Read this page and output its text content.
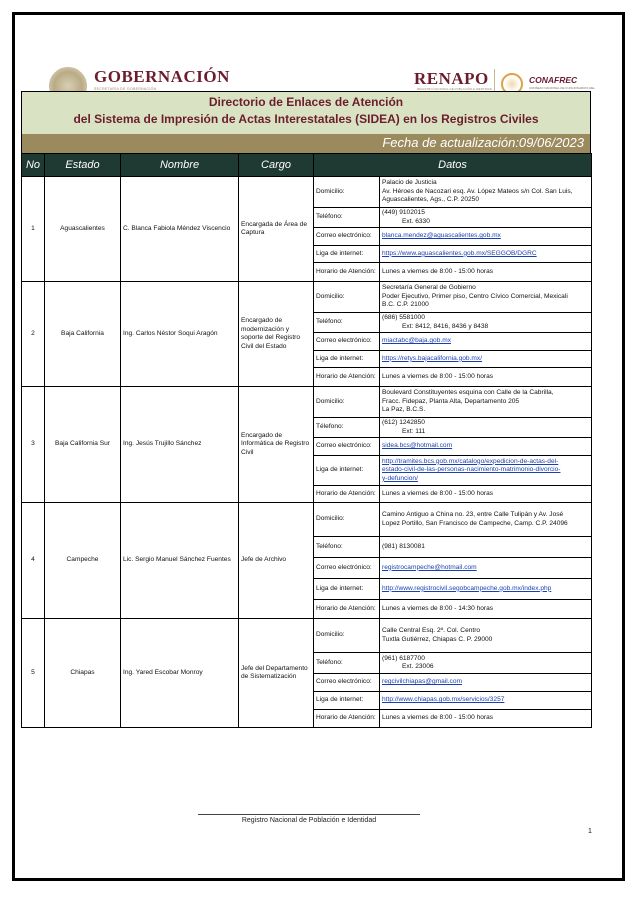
GOBERNACIÓN
SECRETARÍA DE GOBERNACIÓN
RENAPO
REGISTRO NACIONAL DE POBLACIÓN E IDENTIDAD
CONAFREC
CONSEJO NACIONAL DE FUNCIONARIOS DEL
Directorio de Enlaces de Atención
del Sistema de Impresión de Actas Interestatales (SIDEA) en los Registros Civiles
Fecha de actualización:09/06/2023
No	Estado	Nombre	Cargo	Datos	
1	Aguascalientes	C. Blanca Fabiola Méndez Viscencio	Encargada de Área de Captura	Domicilio:	Palacio de Justicia
Av. Héroes de Nacozari esq. Av. López Mateos s/n Col. San Luis,
Aguascalientes, Ags., C.P. 20250
				Teléfono:	(449) 9102015

Ext. 6330

				Correo electrónico:	blanca.mendez@aguascalientes.gob.mx
				Liga de internet:	https://www.aguascalientes.gob.mx/SEGGOB/DGRC
				Horario de Atención:	Lunes a viernes de 8:00 - 15:00 horas
2	Baja California	Ing. Carlos Néstor Soqui Aragón	Encargado de modernización y soporte del Registro Civil del Estado	Domicilio:	Secretaría General de Gobierno
Poder Ejecutivo, Primer piso, Centro Cívico Comercial, Mexicali
B.C. C.P. 21000
				Teléfono:	(686) 5581000

Ext: 8412, 8416, 8436 y 8438

				Correo electrónico:	miactabc@baja.gob.mx
				Liga de internet:	https://retys.bajacalifornia.gob.mx/
				Horario de Atención:	Lunes a viernes de 8:00 - 15:00 horas
3	Baja California Sur	Ing. Jesús Trujillo Sánchez	Encargado de Informática de Registro Civil	Domicilio:	Boulevard Constituyentes esquina con Calle de la Cabrilla,
Fracc. Fidepaz, Planta Alta, Departamento 205
La Paz, B.C.S.
				Télefono:	(612) 1242850

Ext: 111

				Correo electrónico:	sidea.bcs@hotmail.com
				Liga de internet:	http://tramites.bcs.gob.mx/catalogo/expedicion-de-actas-del-
estado-civil-de-las-personas-nacimiento-matrimonio-divorcio-
y-defuncion/
				Horario de Atención:	Lunes a viernes de 8:00 - 15:00 horas
4	Campeche	Lic. Sergio Manuel Sánchez Fuentes	Jefe de Archivo	Domicilio:	Camino Antiguo a China no. 23, entre Calle Tulipán y Av. José
Lopez Portillo, San Francisco de Campeche, Camp. C.P. 24096
				Teléfono:	(981) 8130081
				Correo electrónico:	registrocampeche@hotmail.com
				Liga de internet:	http://www.registrocivil.segobcampeche.gob.mx/index.php
				Horario de Atención:	Lunes a viernes de 8:00 - 14:30 horas
5	Chiapas	Ing. Yared Escobar Monroy	Jefe del Departamento de Sistematización	Domicilio:	Calle Central Esq. 2ª. Col. Centro
Tuxtla Gutiérrez, Chiapas C. P. 29000
				Teléfono:	(961) 6187700

Ext. 23006

				Correo electrónico:	regcivilchiapas@gmail.com
				Liga de internet:	http://www.chiapas.gob.mx/servicios/3257
				Horario de Atención:	Lunes a viernes de 8:00 - 15:00 horas
Registro Nacional de Población e Identidad
1
